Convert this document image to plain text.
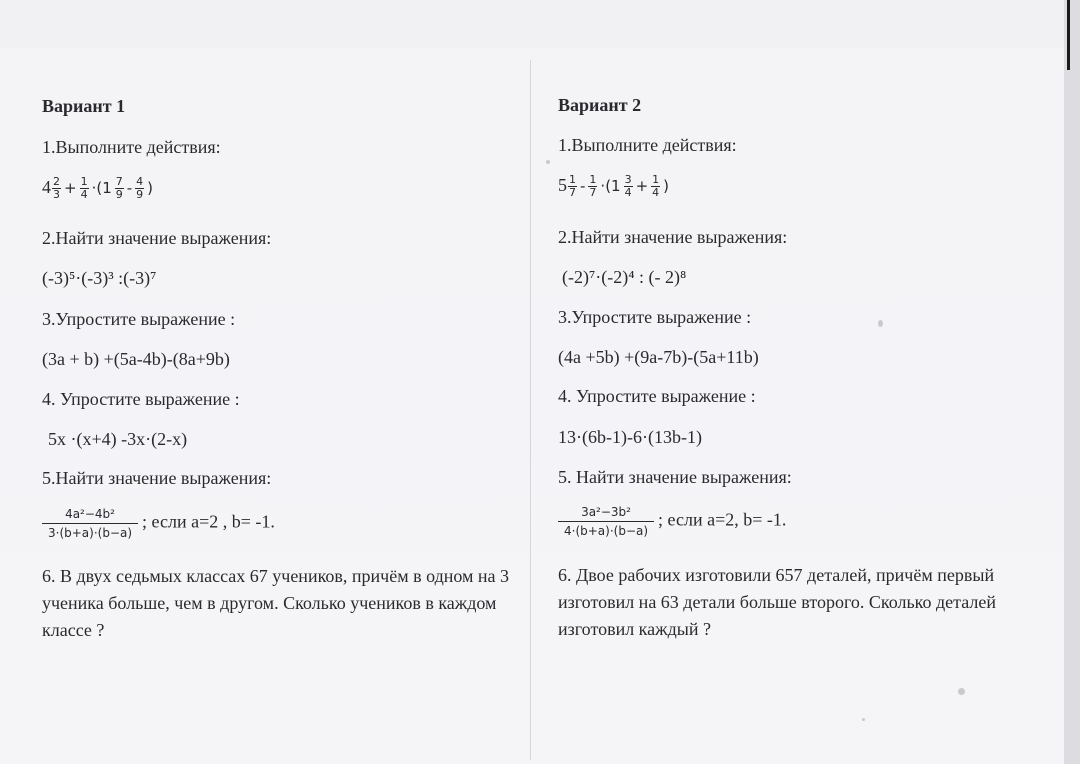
Вариант 1
1.Выполните действия:
$4 \frac{2}{3} + \frac{1}{4} \cdot(1 \frac{7}{9} - \frac{4}{9}$ )
2.Найти значение выражения:
(-3)⁵·(-3)³ :(-3)⁷
3.Упростите выражение :
(3a + b) +(5a-4b)-(8a+9b)
4. Упростите выражение :
5x ·(x+4) -3x·(2-x)
5.Найти значение выражения:
$\frac{\text{4a²−4b²}}{3\cdot(b+a)\cdot(b-a)}$ ; если a=2 , b= -1.
6. В двух седьмых классах 67 учеников, причём в одном на 3 ученика больше, чем в другом. Сколько учеников в каждом классе ?
Вариант 2
1.Выполните действия:
$5 \frac{1}{7} - \frac{1}{7} \cdot(1 \frac{3}{4} + \frac{1}{4}$ )
2.Найти значение выражения:
(-2)⁷·(-2)⁴ : (- 2)⁸
3.Упростите выражение :
(4a +5b) +(9a-7b)-(5a+11b)
4. Упростите выражение :
13·(6b-1)-6·(13b-1)
5. Найти значение выражения:
$\frac{\text{3a²−3b²}}{4\cdot(b+a)\cdot(b-a)}$ ; если a=2, b= -1.
6. Двое рабочих изготовили 657 деталей, причём первый изготовил на 63 детали больше второго. Сколько деталей изготовил каждый ?
